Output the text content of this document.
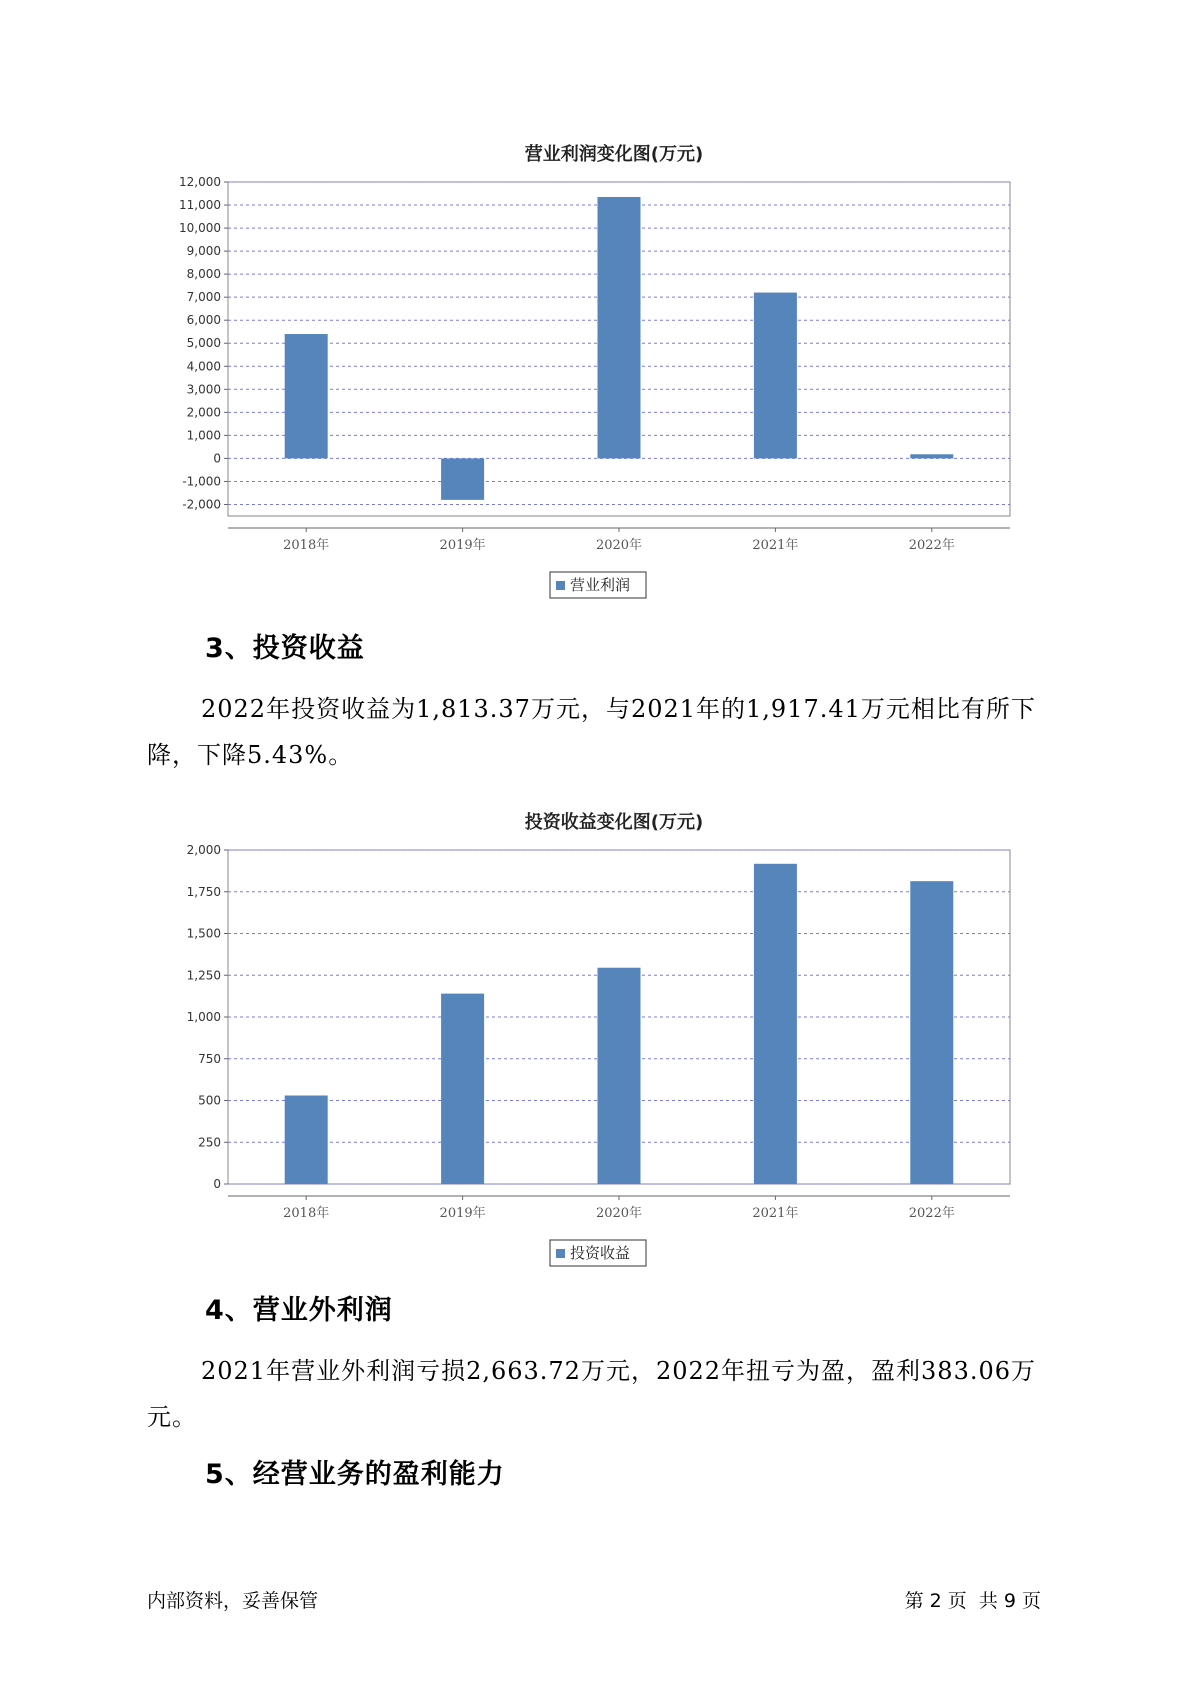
营业利润变化图(万元)
12,000
11,000
10,000
9,000
8,000
7,000
6,000
5,000
4,000
3,000
2,000
1,000
0
-1,000
-2,000
2018年	2019年	2020年	2021年	2022年
营业利润
3、投资收益
2022年投资收益为1,813.37万元，与2021年的1,917.41万元相比有所下降，下降5.43%。
投资收益变化图(万元)
2,000
1,750
1,500
1,250
1,000
750
500
250
0
2018年	2019年	2020年	2021年	2022年
投资收益
4、营业外利润
2021年营业外利润亏损2,663.72万元，2022年扭亏为盈，盈利383.06万元。
5、经营业务的盈利能力
内部资料，妥善保管	第 2 页  共 9 页
